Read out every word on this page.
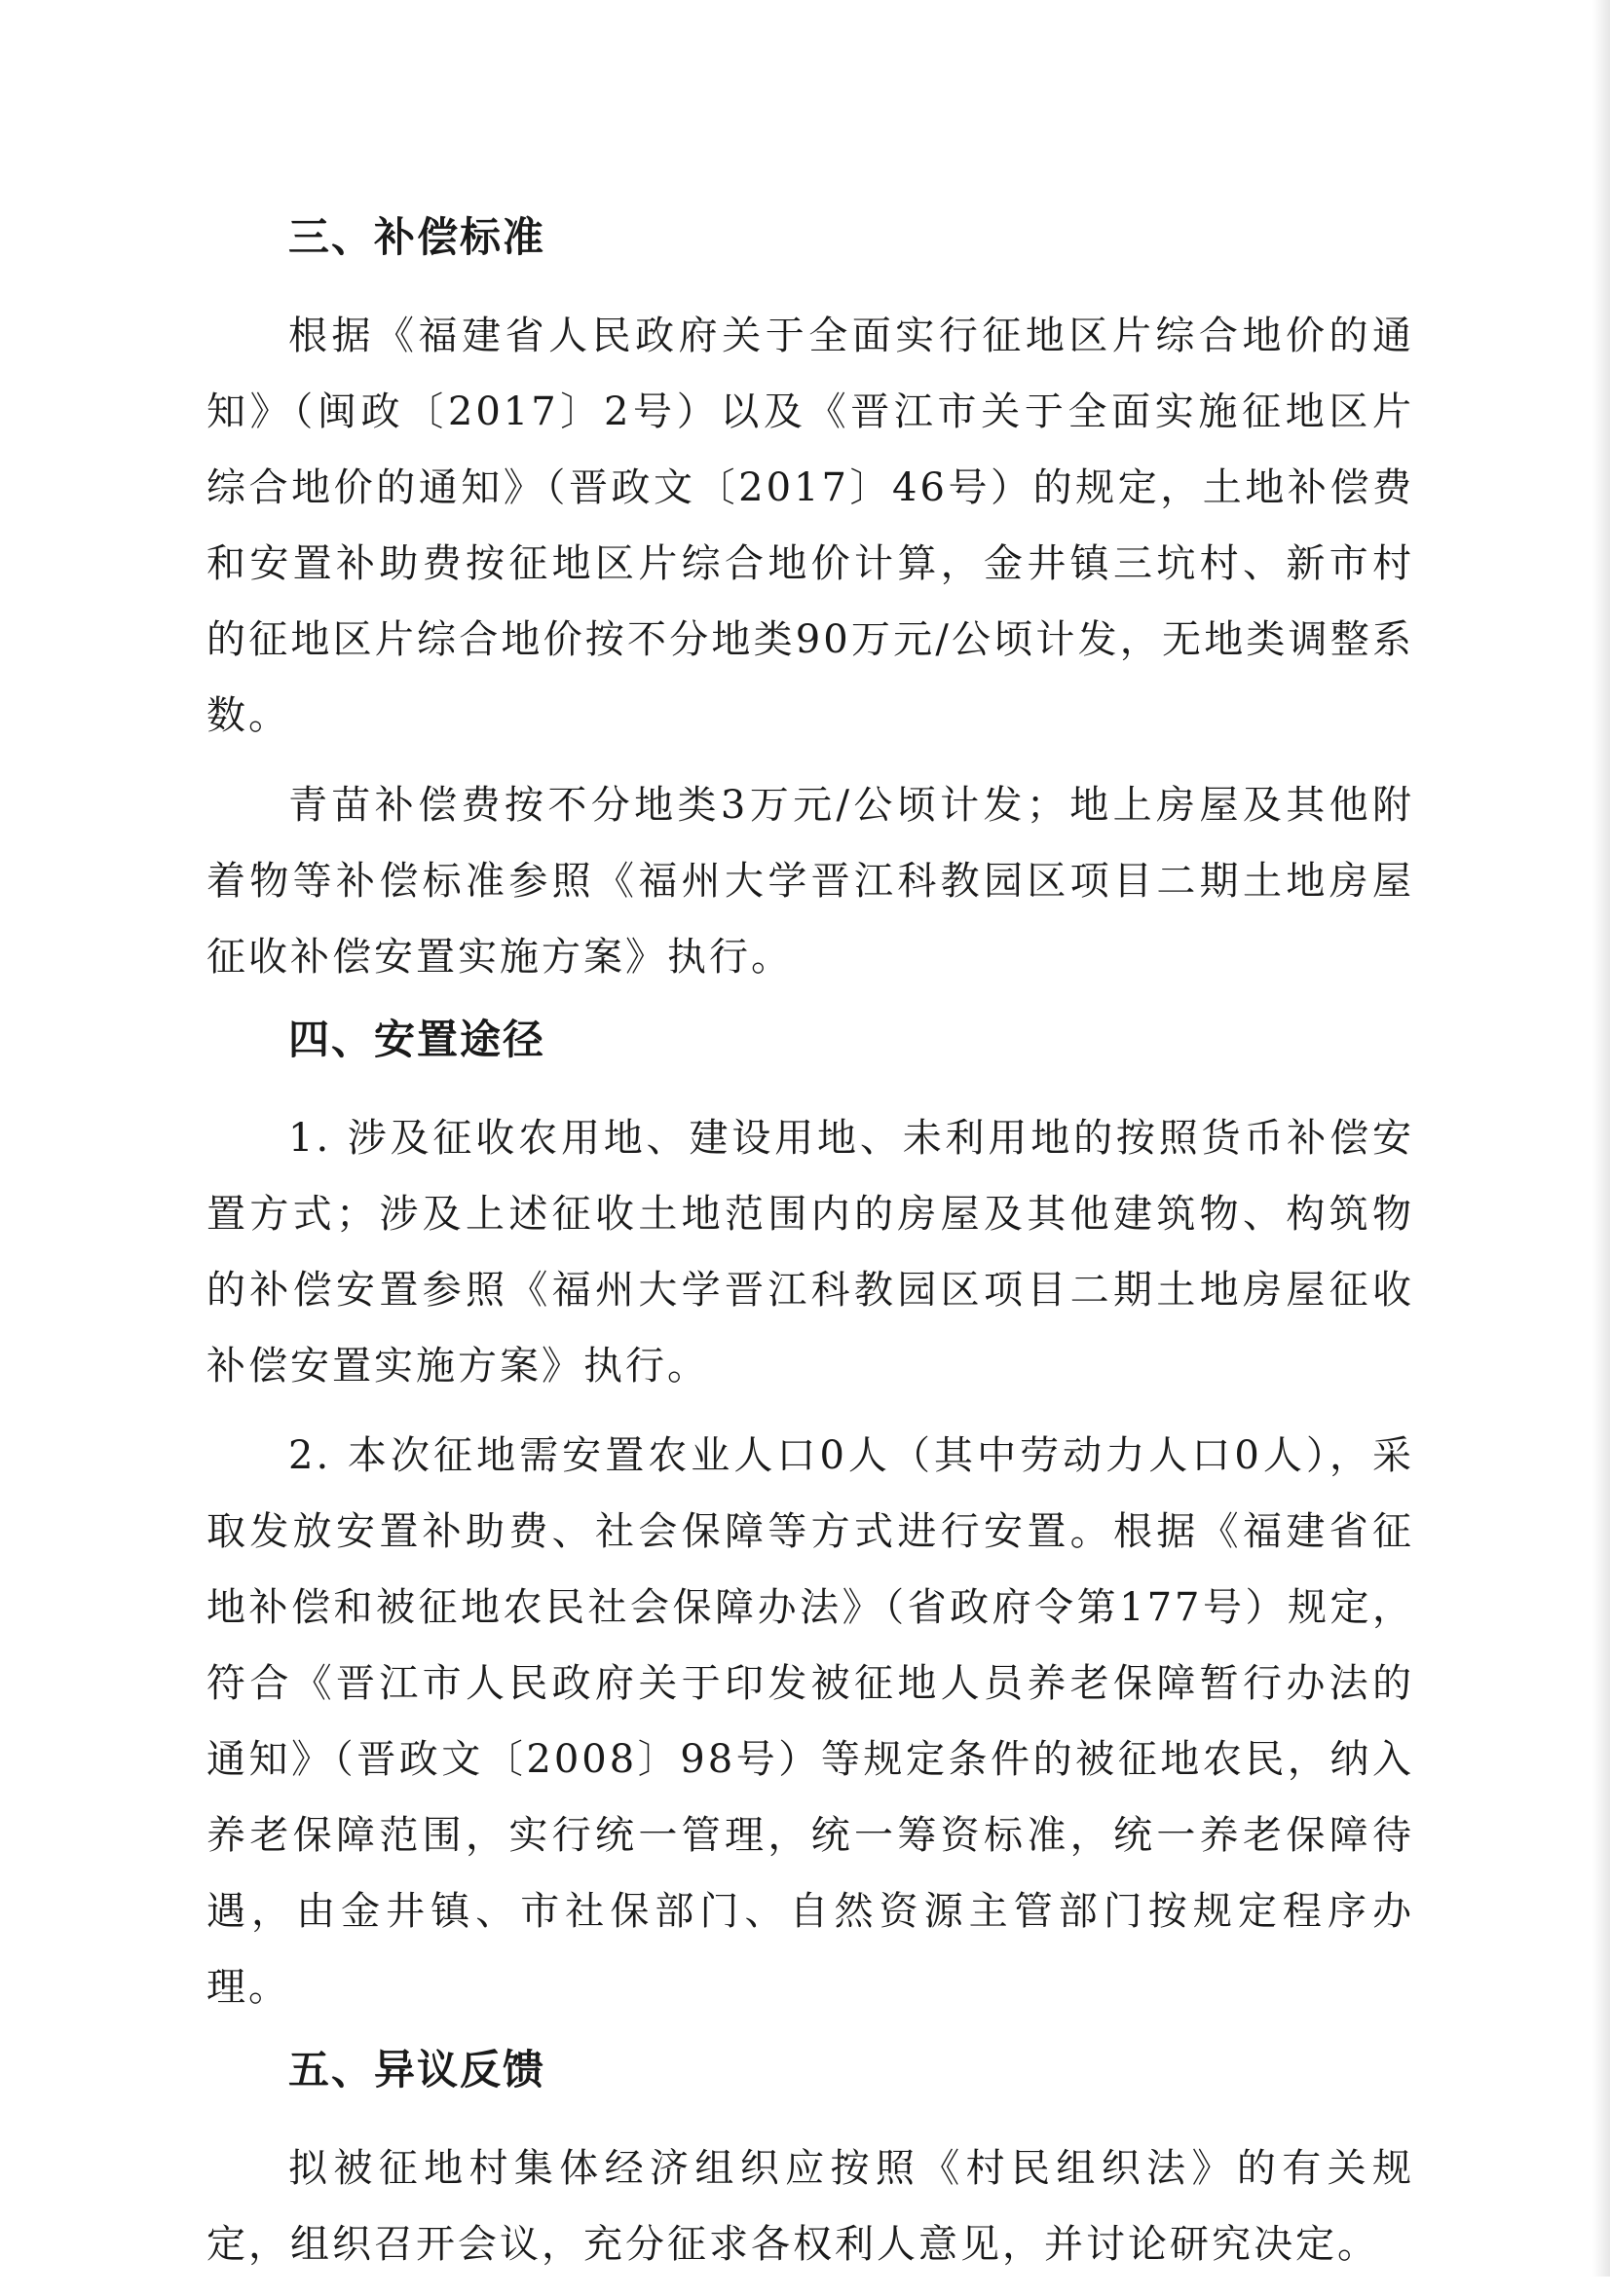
三、补偿标准

根据《福建省人民政府关于全面实行征地区片综合地价的通知》（闽政〔2017〕2号）以及《晋江市关于全面实施征地区片综合地价的通知》（晋政文〔2017〕46号）的规定，土地补偿费和安置补助费按征地区片综合地价计算，金井镇三坑村、新市村的征地区片综合地价按不分地类90万元/公顷计发，无地类调整系数。

青苗补偿费按不分地类3万元/公顷计发；地上房屋及其他附着物等补偿标准参照《福州大学晋江科教园区项目二期土地房屋征收补偿安置实施方案》执行。

四、安置途径

1. 涉及征收农用地、建设用地、未利用地的按照货币补偿安置方式；涉及上述征收土地范围内的房屋及其他建筑物、构筑物的补偿安置参照《福州大学晋江科教园区项目二期土地房屋征收补偿安置实施方案》执行。

2. 本次征地需安置农业人口0人（其中劳动力人口0人），采取发放安置补助费、社会保障等方式进行安置。根据《福建省征地补偿和被征地农民社会保障办法》（省政府令第177号）规定，符合《晋江市人民政府关于印发被征地人员养老保障暂行办法的通知》（晋政文〔2008〕98号）等规定条件的被征地农民，纳入养老保障范围，实行统一管理，统一筹资标准，统一养老保障待遇，由金井镇、市社保部门、自然资源主管部门按规定程序办理。

五、异议反馈

拟被征地村集体经济组织应按照《村民组织法》的有关规定，组织召开会议，充分征求各权利人意见，并讨论研究决定。
